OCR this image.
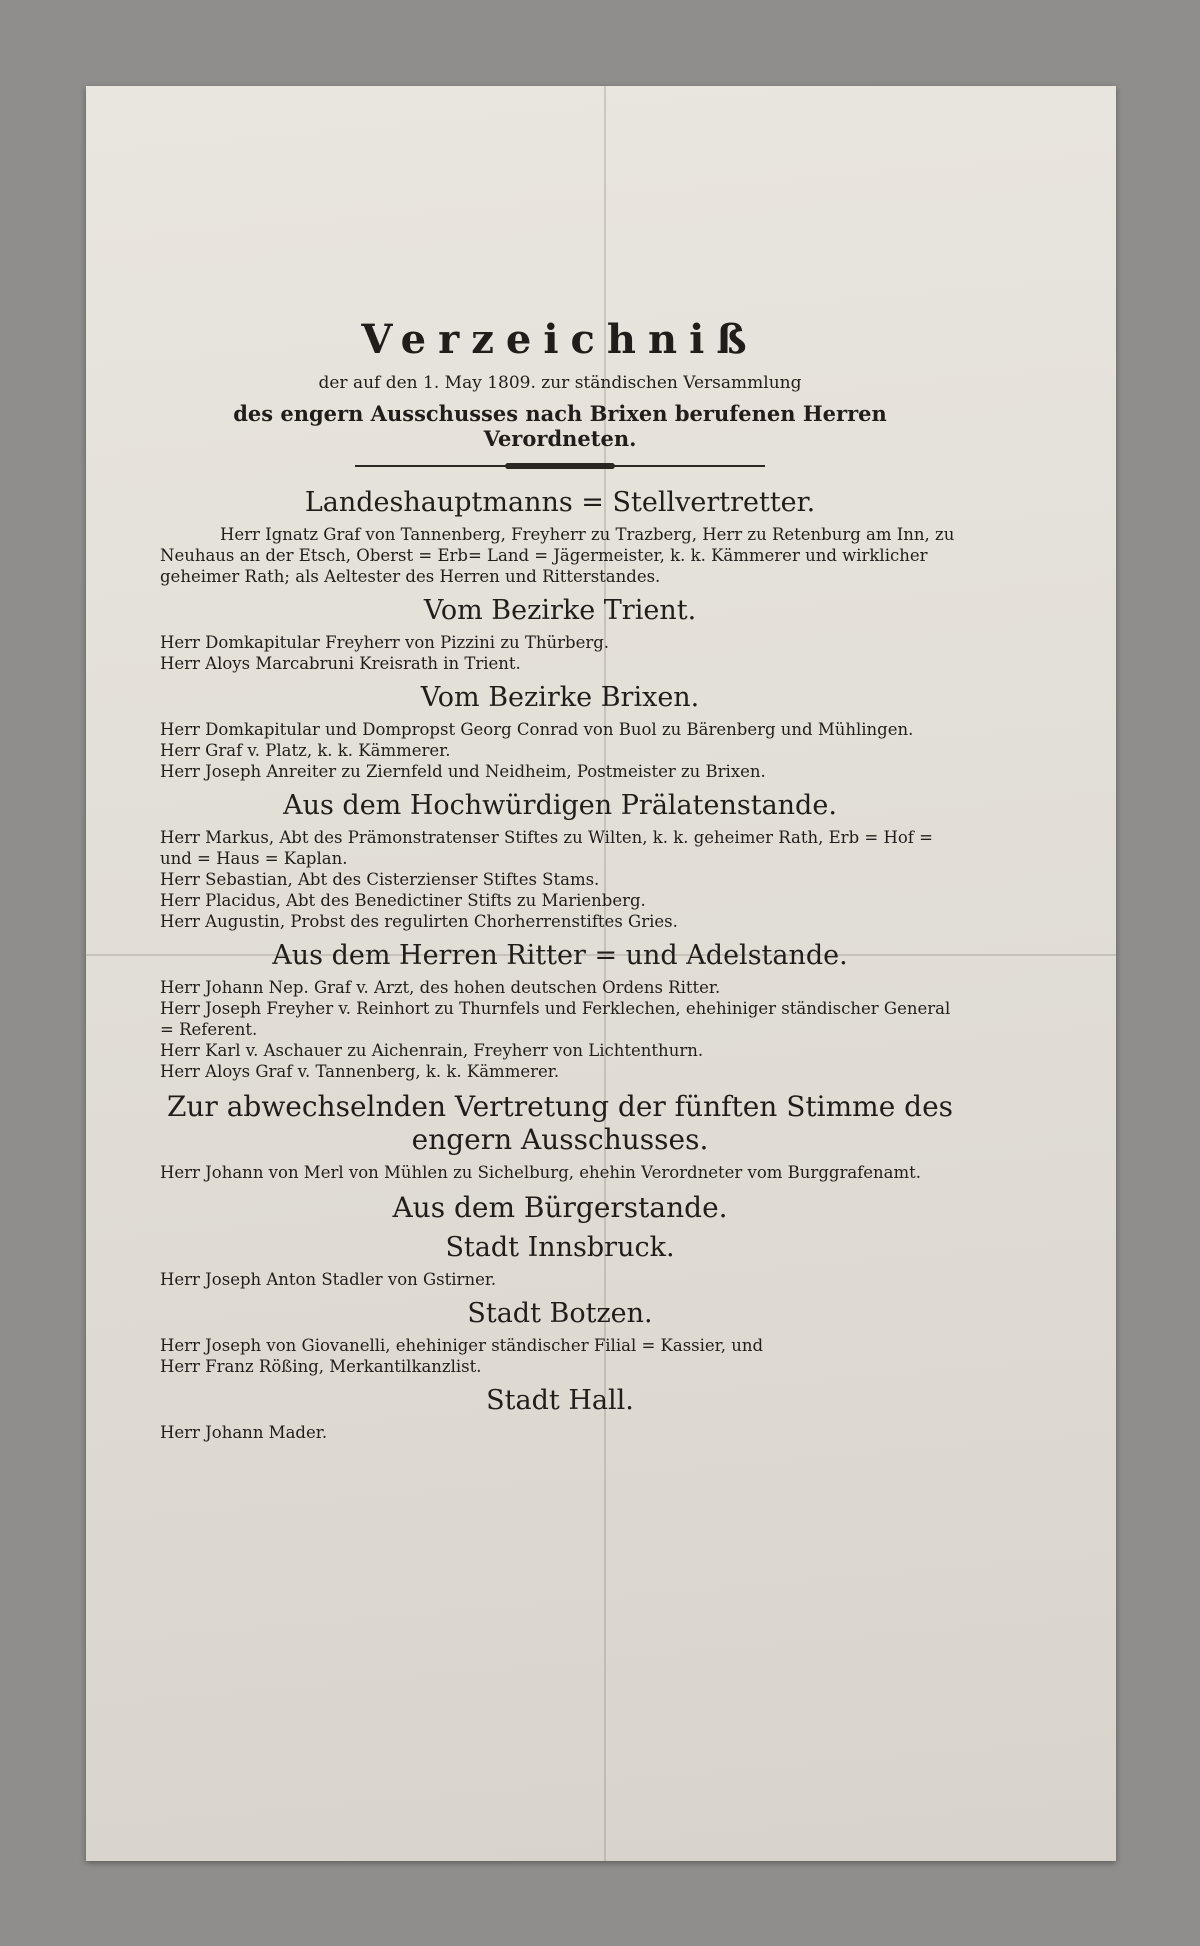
Verzeichniß
der auf den 1. May 1809. zur ständischen Versammlung
des engern Ausschusses nach Brixen berufenen Herren Verordneten.
Landeshauptmanns = Stellvertretter.

Herr Ignatz Graf von Tannenberg, Freyherr zu Trazberg, Herr zu Retenburg am Inn, zu Neuhaus an der Etsch, Oberst = Erb= Land = Jägermeister, k. k. Kämmerer und wirklicher geheimer Rath; als Aeltester des Herren und Ritterstandes.

Vom Bezirke Trient.

Herr Domkapitular Freyherr von Pizzini zu Thürberg.

Herr Aloys Marcabruni Kreisrath in Trient.

Vom Bezirke Brixen.

Herr Domkapitular und Dompropst Georg Conrad von Buol zu Bärenberg und Mühlingen.

Herr Graf v. Platz, k. k. Kämmerer.

Herr Joseph Anreiter zu Ziernfeld und Neidheim, Postmeister zu Brixen.

Aus dem Hochwürdigen Prälatenstande.

Herr Markus, Abt des Prämonstratenser Stiftes zu Wilten, k. k. geheimer Rath, Erb = Hof = und = Haus = Kaplan.

Herr Sebastian, Abt des Cisterzienser Stiftes Stams.

Herr Placidus, Abt des Benedictiner Stifts zu Marienberg.

Herr Augustin, Probst des regulirten Chorherrenstiftes Gries.

Aus dem Herren Ritter = und Adelstande.

Herr Johann Nep. Graf v. Arzt, des hohen deutschen Ordens Ritter.

Herr Joseph Freyher v. Reinhort zu Thurnfels und Ferklechen, ehehiniger ständischer General = Referent.

Herr Karl v. Aschauer zu Aichenrain, Freyherr von Lichtenthurn.

Herr Aloys Graf v. Tannenberg, k. k. Kämmerer.

Zur abwechselnden Vertretung der fünften Stimme des engern Ausschusses.

Herr Johann von Merl von Mühlen zu Sichelburg, ehehin Verordneter vom Burggrafenamt.

Aus dem Bürgerstande.
Stadt Innsbruck.

Herr Joseph Anton Stadler von Gstirner.

Stadt Botzen.

Herr Joseph von Giovanelli, ehehiniger ständischer Filial = Kassier, und

Herr Franz Rößing, Merkantilkanzlist.

Stadt Hall.

Herr Johann Mader.
